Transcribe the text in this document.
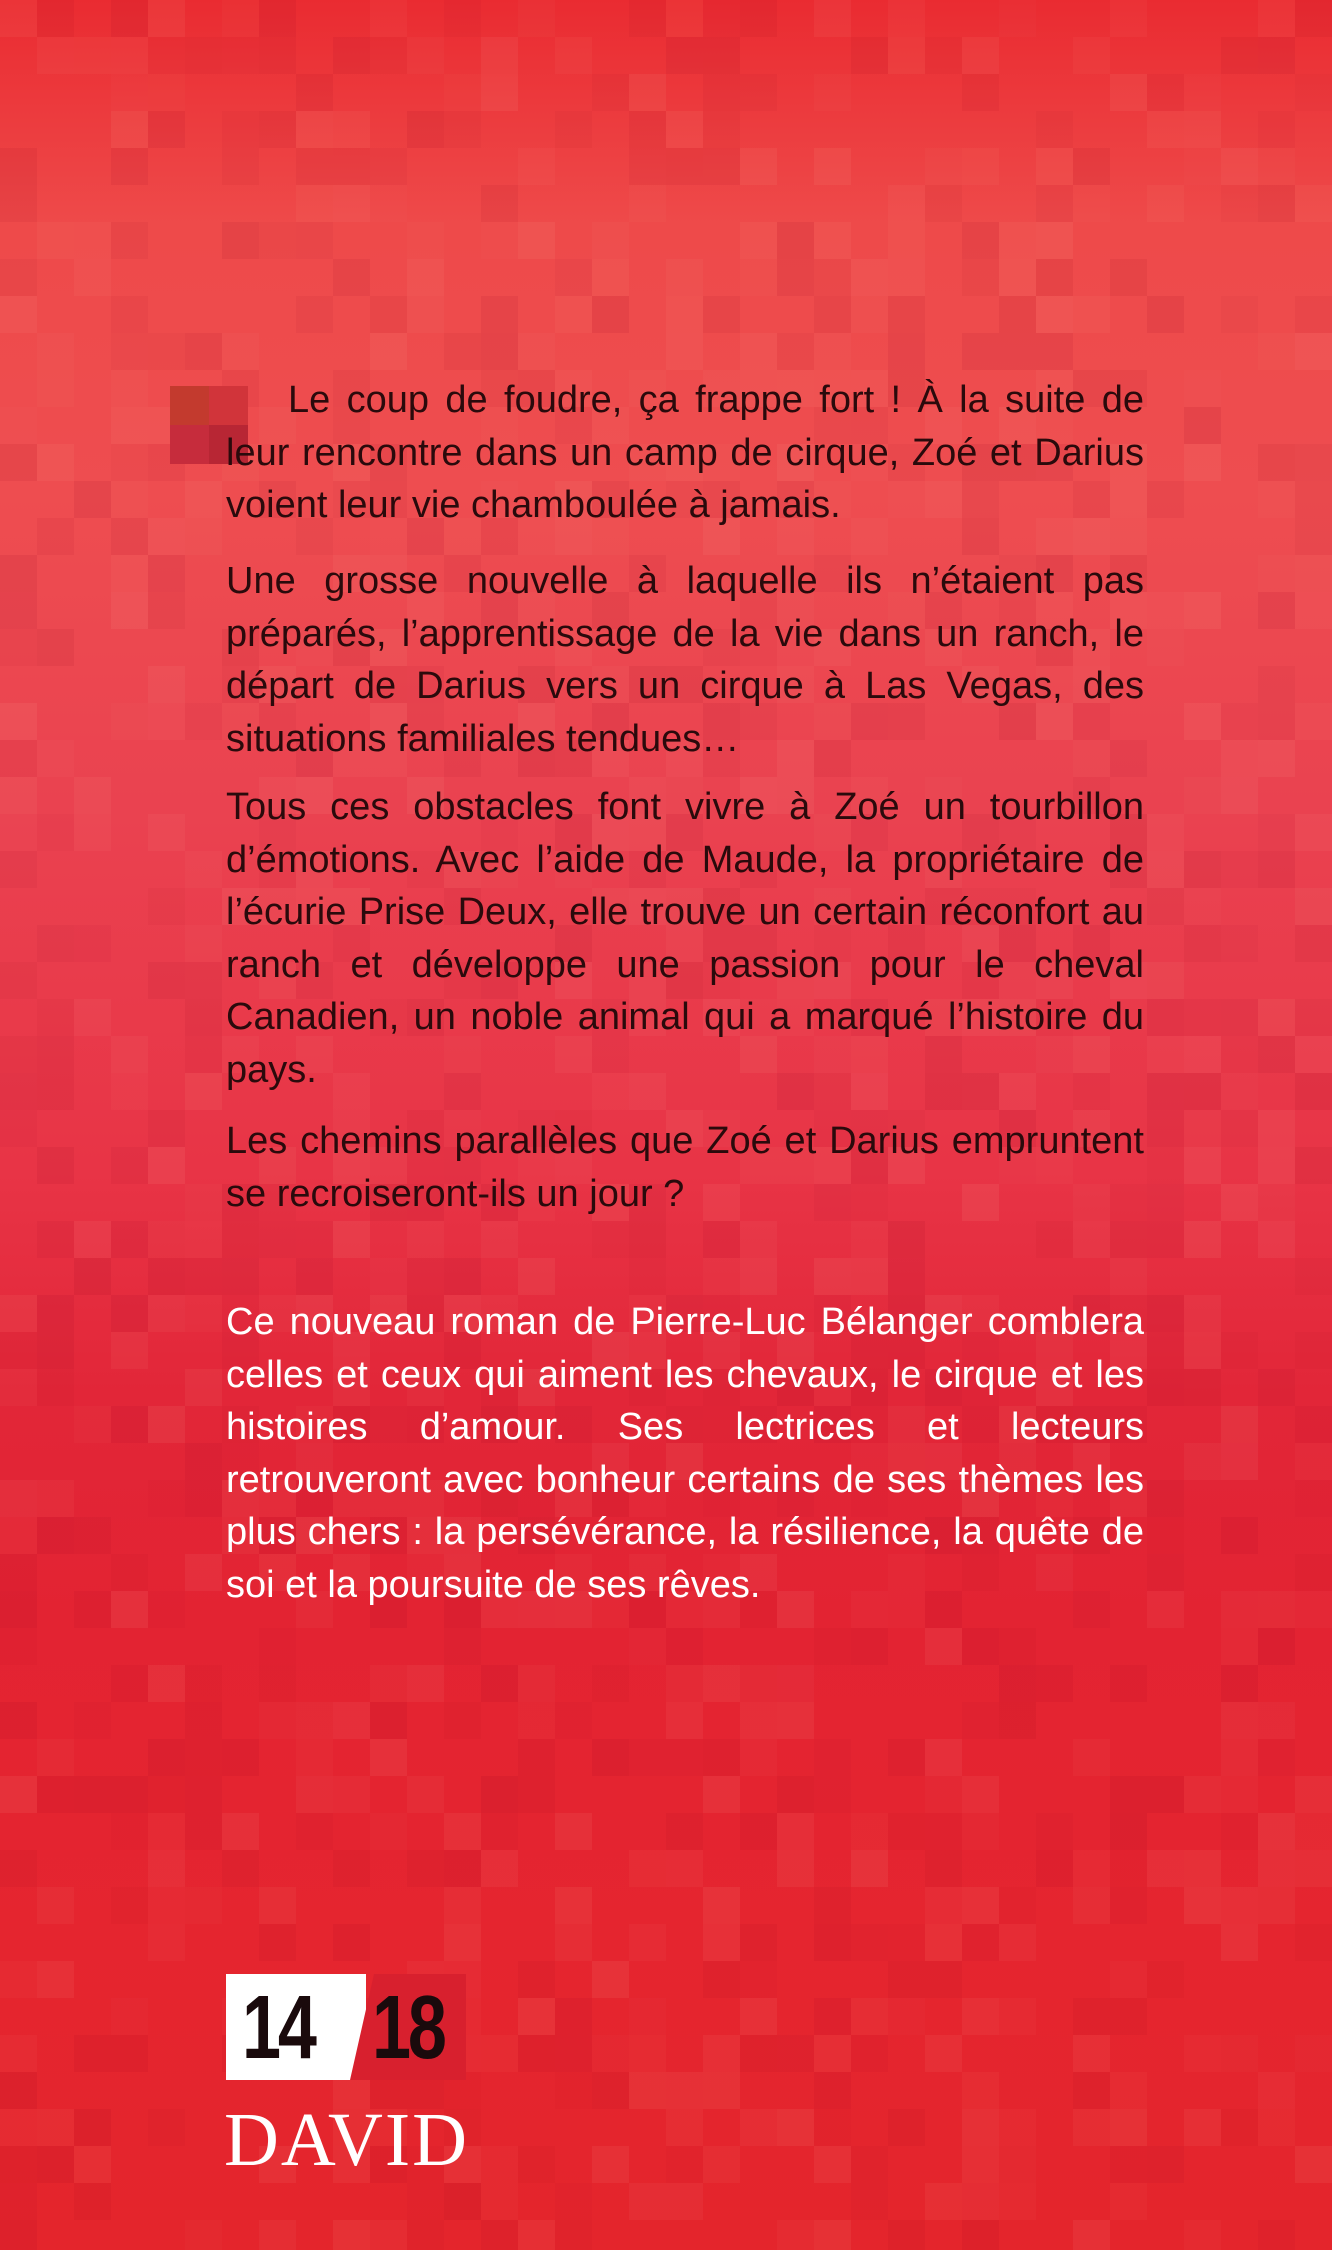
Le coup de foudre, ça frappe fort ! À la suite de leur rencontre dans un camp de cirque, Zoé et Darius voient leur vie chamboulée à jamais.

Une grosse nouvelle à laquelle ils n’étaient pas préparés, l’apprentissage de la vie dans un ranch, le départ de Darius vers un cirque à Las Vegas, des situations familiales tendues…

Tous ces obstacles font vivre à Zoé un tourbillon d’émotions. Avec l’aide de Maude, la propriétaire de l’écurie Prise Deux, elle trouve un certain réconfort au ranch et développe une passion pour le cheval Canadien, un noble animal qui a marqué l’histoire du pays.

Les chemins parallèles que Zoé et Darius empruntent se recroiseront-ils un jour ?

Ce nouveau roman de Pierre-Luc Bélanger comblera celles et ceux qui aiment les chevaux, le cirque et les histoires d’amour. Ses lectrices et lecteurs retrouveront avec bonheur certains de ses thèmes les plus chers : la persévérance, la résilience, la quête de soi et la poursuite de ses rêves.

14 18
DAVID
